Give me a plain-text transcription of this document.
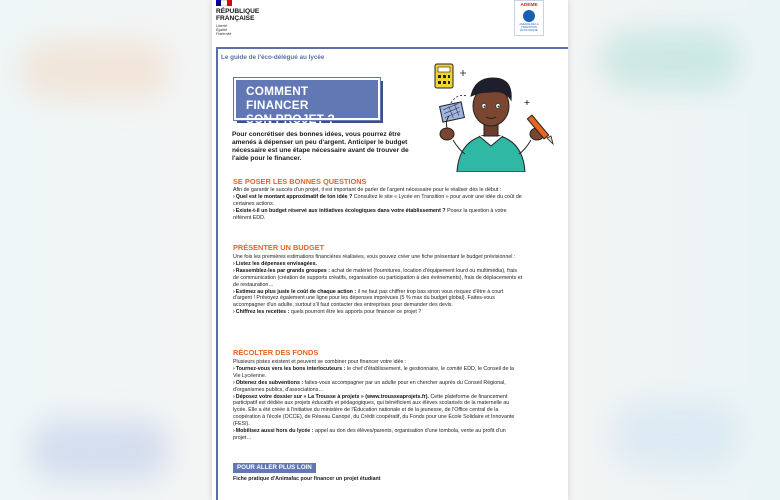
RÉPUBLIQUE
FRANÇAISE
Liberté
Égalité
Fraternité
ADEME
AGENCE DE LA TRANSITION ÉCOLOGIQUE
Le guide de l'éco-délégué au lycée
COMMENT FINANCER
SON PROJET ?
Pour concrétiser des bonnes idées, vous pourrez être amenés à dépenser un peu d'argent. Anticiper le budget nécessaire est une étape nécessaire avant de trouver de l'aide pour le financer.
SE POSER LES BONNES QUESTIONS
Afin de garantir le succès d'un projet, il est important de parler de l'argent nécessaire pour le réaliser dès le début :
›Quel est le montant approximatif de ton idée ? Consultez le site « Lycée en Transition » pour avoir une idée du coût de certaines actions.
›Existe-t-il un budget réservé aux initiatives écologiques dans votre établissement ? Posez la question à votre référent EDD.
PRÉSENTER UN BUDGET
Une fois les premières estimations financières réalisées, vous pouvez créer une fiche présentant le budget prévisionnel :
›Listez les dépenses envisagées.
›Rassemblez-les par grands groupes : achat de matériel (fournitures, location d'équipement lourd ou multimédia), frais de communication (création de supports créatifs, organisation ou participation à des événements), frais de déplacements et de restauration…
›Estimez au plus juste le coût de chaque action : il ne faut pas chiffrer trop bas sinon vous risquez d'être à court d'argent ! Prévoyez également une ligne pour les dépenses imprévues (5 % max du budget global). Faites-vous accompagner d'un adulte, surtout s'il faut contacter des entreprises pour demander des devis.
›Chiffrez les recettes : quels pourront être les apports pour financer ce projet ?
RÉCOLTER DES FONDS
Plusieurs pistes existent et peuvent se combiner pour financer votre idée :
›Tournez-vous vers les bons interlocuteurs : le chef d'établissement, le gestionnaire, le comité EDD, le Conseil de la Vie Lycéenne.
›Obtenez des subventions : faites-vous accompagner par un adulte pour en chercher auprès du Conseil Régional, d'organismes publics, d'associations…
›Déposez votre dossier sur « La Trousse à projets » (www.trousseaprojets.fr). Cette plateforme de financement participatif est dédiée aux projets éducatifs et pédagogiques, qui bénéficient aux élèves scolarisés de la maternelle au lycée. Elle a été créée à l'initiative du ministère de l'Éducation nationale et de la jeunesse, de l'Office central de la coopération à l'école (OCCE), de Réseau Canopé, du Crédit coopératif, du Fonds pour une École Solidaire et Innovante (FESI).
›Mobilisez aussi hors du lycée : appel au don des élèves/parents, organisation d'une tombola, vente au profit d'un projet…
POUR ALLER PLUS LOIN
Fiche pratique d'Animafac pour financer un projet étudiant
